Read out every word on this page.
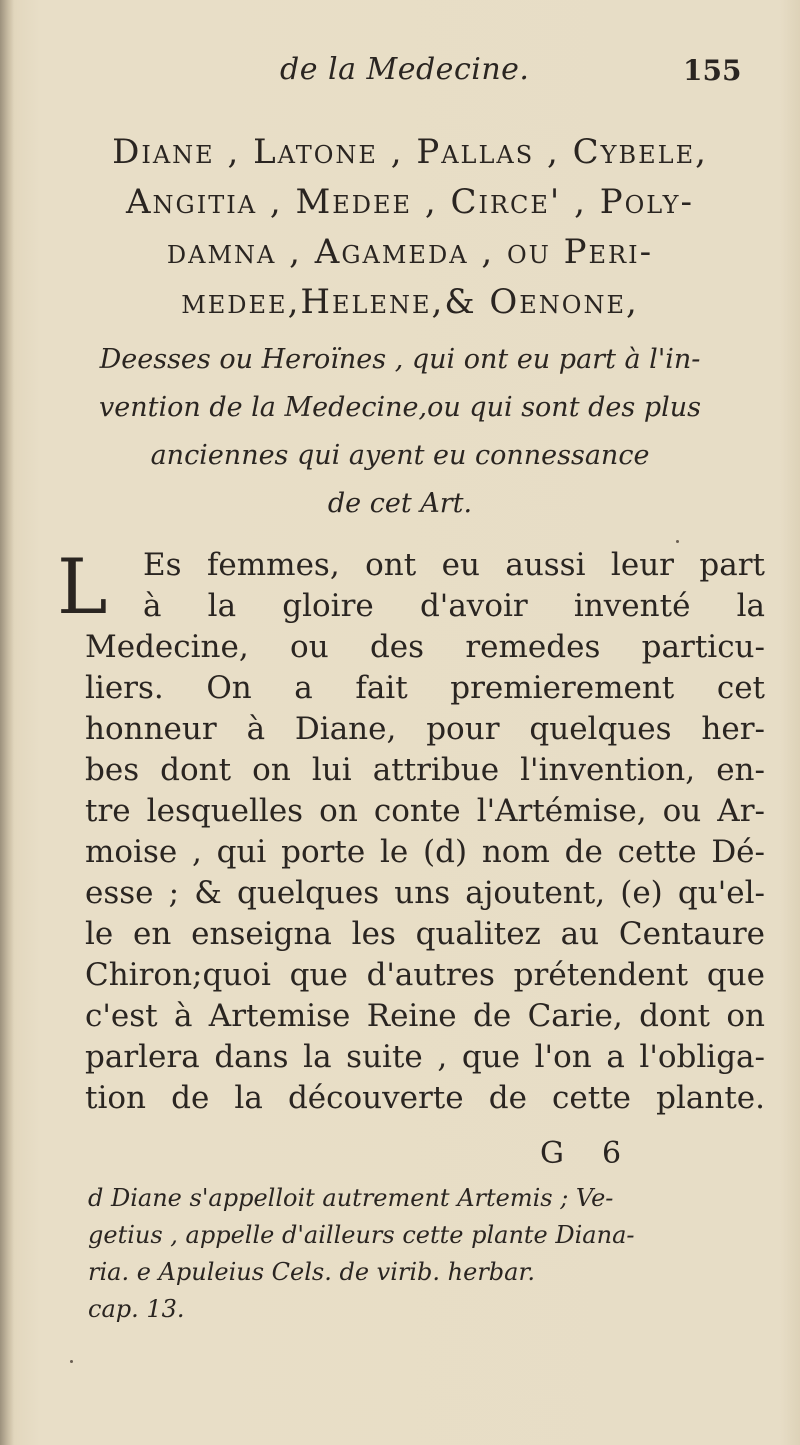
de la Medecine.	155
Diane , Latone , Pallas , Cybele,
Angitia , Medee , Circe' , Poly-
damna , Agameda , ou Peri-
medee,Helene,& Oenone,
Deesses ou Heroïnes , qui ont eu part à l'in-
vention de la Medecine,ou qui sont des plus
anciennes qui ayent eu connessance
de cet Art.
L	Es femmes, ont eu aussi leur part
à la gloire d'avoir inventé la
Medecine, ou des remedes particu-
liers. On a fait premierement cet
honneur à Diane, pour quelques her-
bes dont on lui attribue l'invention, en-
tre lesquelles on conte l'Artémise, ou Ar-
moise , qui porte le (d) nom de cette Dé-
esse ; & quelques uns ajoutent, (e) qu'el-
le en enseigna les qualitez au Centaure
Chiron;quoi que d'autres prétendent que
c'est à Artemise Reine de Carie, dont on
parlera dans la suite , que l'on a l'obliga-
tion de la découverte de cette plante.
G 6
d Diane s'appelloit autrement Artemis ; Ve-
getius , appelle d'ailleurs cette plante Diana-
ria. e Apuleius Cels. de virib. herbar.
cap. 13.
